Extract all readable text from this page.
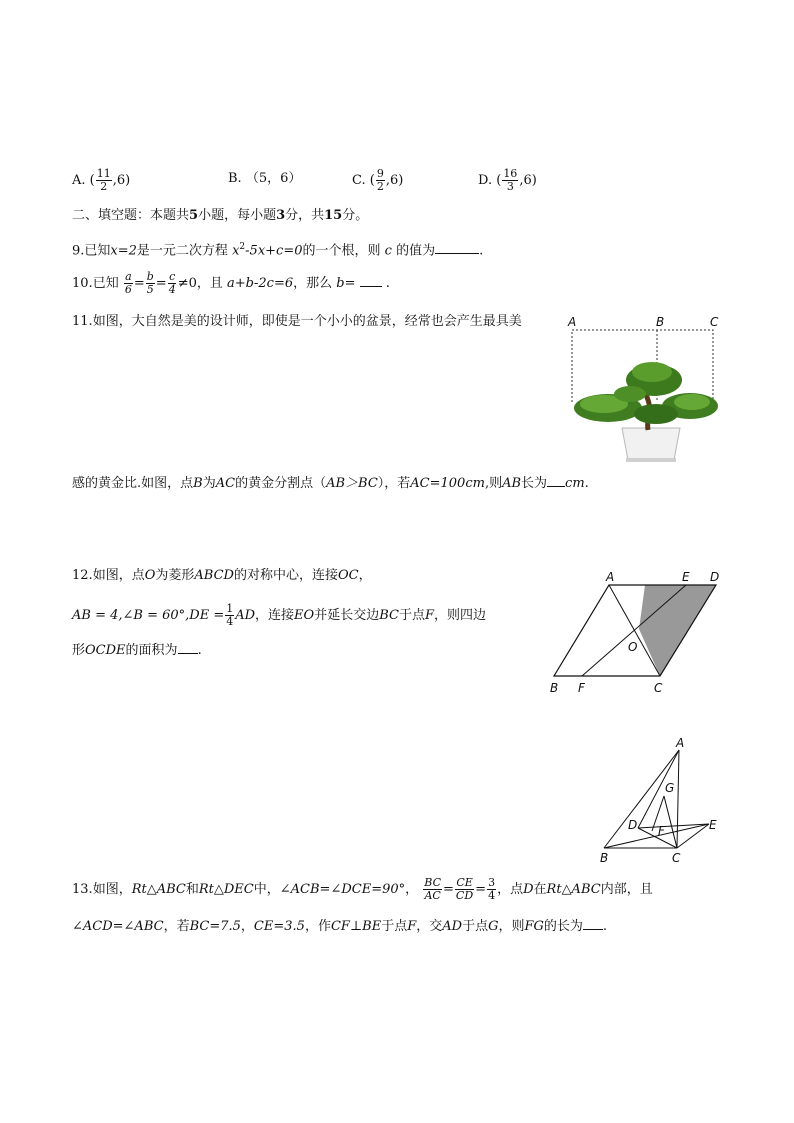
A. ( $\frac{11}{2} ,6$)	B. （5，6）	C. ( $\frac{9}{2} ,6$)	D. ( $\frac{16}{3} ,6$)
二、填空题：本题共5小题，每小题3分，共15分。
9.已知x=2是一元二次方程 $x^2-5x+c=0$的一个根，则 c 的值为	.
10.已知 $\frac{a}{6} = \frac{b}{5} = \frac{c}{4} \ne 0$，且 a+b-2c=6，那么 b= .
11.如图，大自然是美的设计师，即使是一个小小的盆景，经常也会产生最具美
感的黄金比.如图，点B为AC的黄金分割点（AB＞BC），若AC=100cm,则AB长为 cm.
A	B	C
12.如图，点O为菱形ABCD的对称中心，连接OC，
AB = 4,∠B = $60^\circ,DE = \frac{1}{4}$ AD，连接EO并延长交边BC于点F，则四边
形OCDE的面积为 .
A	E D
O
B F	C
A
G
D F	E
B	C
13.如图，Rt△ABC和Rt△DEC中，∠ACB=∠DCE=90°， $\frac{BC}{AC} = \frac{CE}{CD} = \frac{3}{4}$ ，点D在Rt△ABC内部，且
∠ACD=∠ABC，若BC=7.5，CE=3.5，作CF⊥BE于点F，交AD于点G，则FG的长为 .
